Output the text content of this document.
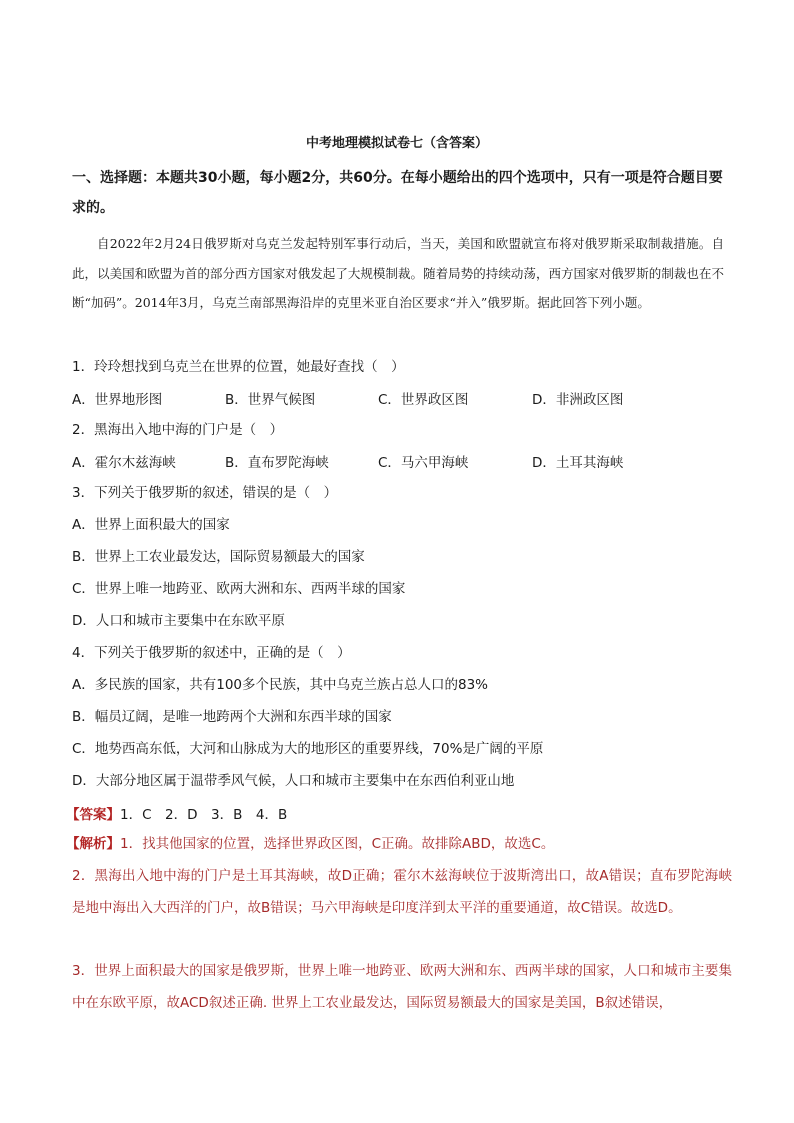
中考地理模拟试卷七（含答案）
一、选择题：本题共30小题，每小题2分，共60分。在每小题给出的四个选项中，只有一项是符合题目要求的。
自2022年2月24日俄罗斯对乌克兰发起特别军事行动后，当天，美国和欧盟就宣布将对俄罗斯采取制裁措施。自此，以美国和欧盟为首的部分西方国家对俄发起了大规模制裁。随着局势的持续动荡，西方国家对俄罗斯的制裁也在不断“加码”。2014年3月，乌克兰南部黑海沿岸的克里米亚自治区要求“并入”俄罗斯。据此回答下列小题。
1．玲玲想找到乌克兰在世界的位置，她最好查找（　）
A．世界地形图	B．世界气候图	C．世界政区图	D．非洲政区图
2．黑海出入地中海的门户是（　）
A．霍尔木兹海峡	B．直布罗陀海峡	C．马六甲海峡	D．土耳其海峡
3．下列关于俄罗斯的叙述，错误的是（　）
A．世界上面积最大的国家
B．世界上工农业最发达，国际贸易额最大的国家
C．世界上唯一地跨亚、欧两大洲和东、西两半球的国家
D．人口和城市主要集中在东欧平原
4．下列关于俄罗斯的叙述中，正确的是（　）
A．多民族的国家，共有100多个民族，其中乌克兰族占总人口的83%
B．幅员辽阔，是唯一地跨两个大洲和东西半球的国家
C．地势西高东低，大河和山脉成为大的地形区的重要界线，70%是广阔的平原
D．大部分地区属于温带季风气候，人口和城市主要集中在东西伯利亚山地
【答案】1．C　2．D　3．B　4．B
【解析】1．找其他国家的位置，选择世界政区图，C正确。故排除ABD，故选C。
2．黑海出入地中海的门户是土耳其海峡，故D正确；霍尔木兹海峡位于波斯湾出口，故A错误；直布罗陀海峡是地中海出入大西洋的门户，故B错误；马六甲海峡是印度洋到太平洋的重要通道，故C错误。故选D。
3．世界上面积最大的国家是俄罗斯，世界上唯一地跨亚、欧两大洲和东、西两半球的国家，人口和城市主要集中在东欧平原，故ACD叙述正确. 世界上工农业最发达，国际贸易额最大的国家是美国，B叙述错误，
